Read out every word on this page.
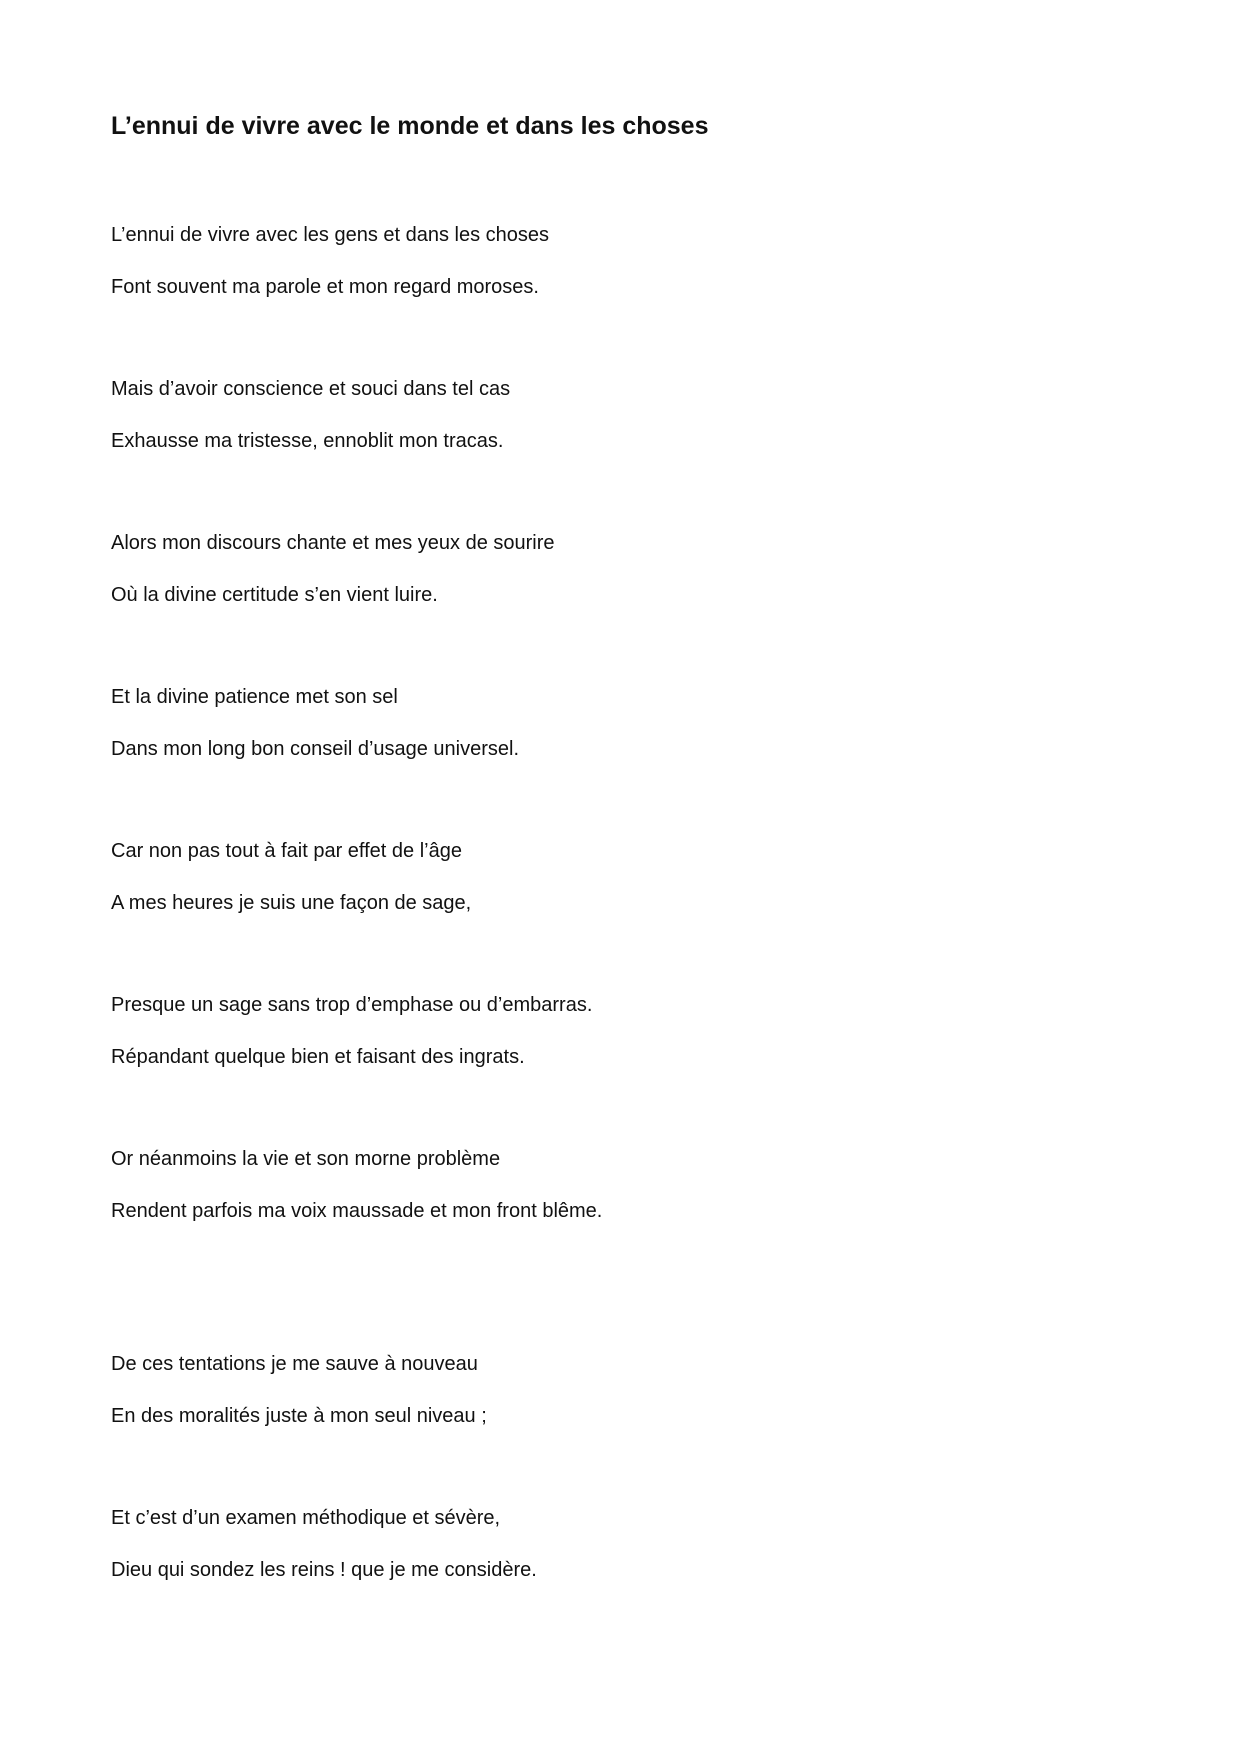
L’ennui de vivre avec le monde et dans les choses
L’ennui de vivre avec les gens et dans les choses
Font souvent ma parole et mon regard moroses.
Mais d’avoir conscience et souci dans tel cas
Exhausse ma tristesse, ennoblit mon tracas.
Alors mon discours chante et mes yeux de sourire
Où la divine certitude s’en vient luire.
Et la divine patience met son sel
Dans mon long bon conseil d’usage universel.
Car non pas tout à fait par effet de l’âge
A mes heures je suis une façon de sage,
Presque un sage sans trop d’emphase ou d’embarras.
Répandant quelque bien et faisant des ingrats.
Or néanmoins la vie et son morne problème
Rendent parfois ma voix maussade et mon front blême.
De ces tentations je me sauve à nouveau
En des moralités juste à mon seul niveau ;
Et c’est d’un examen méthodique et sévère,
Dieu qui sondez les reins ! que je me considère.
